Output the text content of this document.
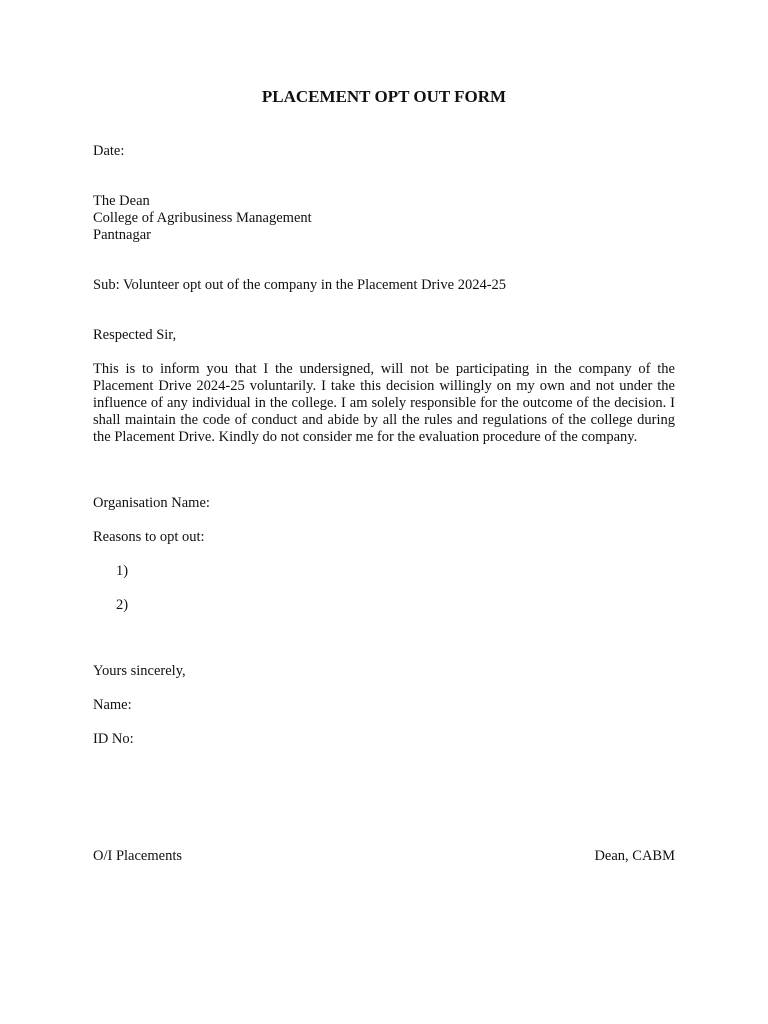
PLACEMENT OPT OUT FORM
Date:
The Dean
College of Agribusiness Management
Pantnagar
Sub: Volunteer opt out of the company in the Placement Drive 2024-25
Respected Sir,
This is to inform you that I the undersigned, will not be participating in the company of the Placement Drive 2024-25 voluntarily. I take this decision willingly on my own and not under the influence of any individual in the college. I am solely responsible for the outcome of the decision. I shall maintain the code of conduct and abide by all the rules and regulations of the college during the Placement Drive. Kindly do not consider me for the evaluation procedure of the company.
Organisation Name:
Reasons to opt out:
1)
2)
Yours sincerely,
Name:
ID No:
O/I Placements	Dean, CABM
